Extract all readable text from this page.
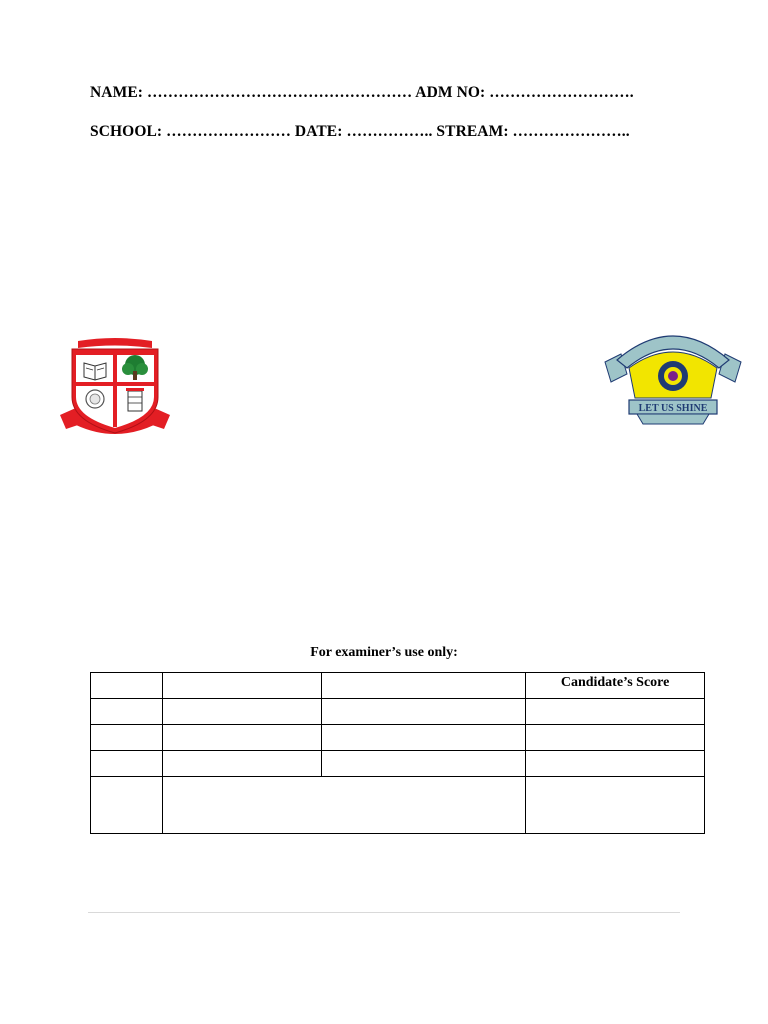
NAME: …………………………………………… ADM NO: ……………………….
SCHOOL: …………………… DATE: …………….. STREAM: …………………..
LET US SHINE
For examiner’s use only:
			Candidate’s Score
